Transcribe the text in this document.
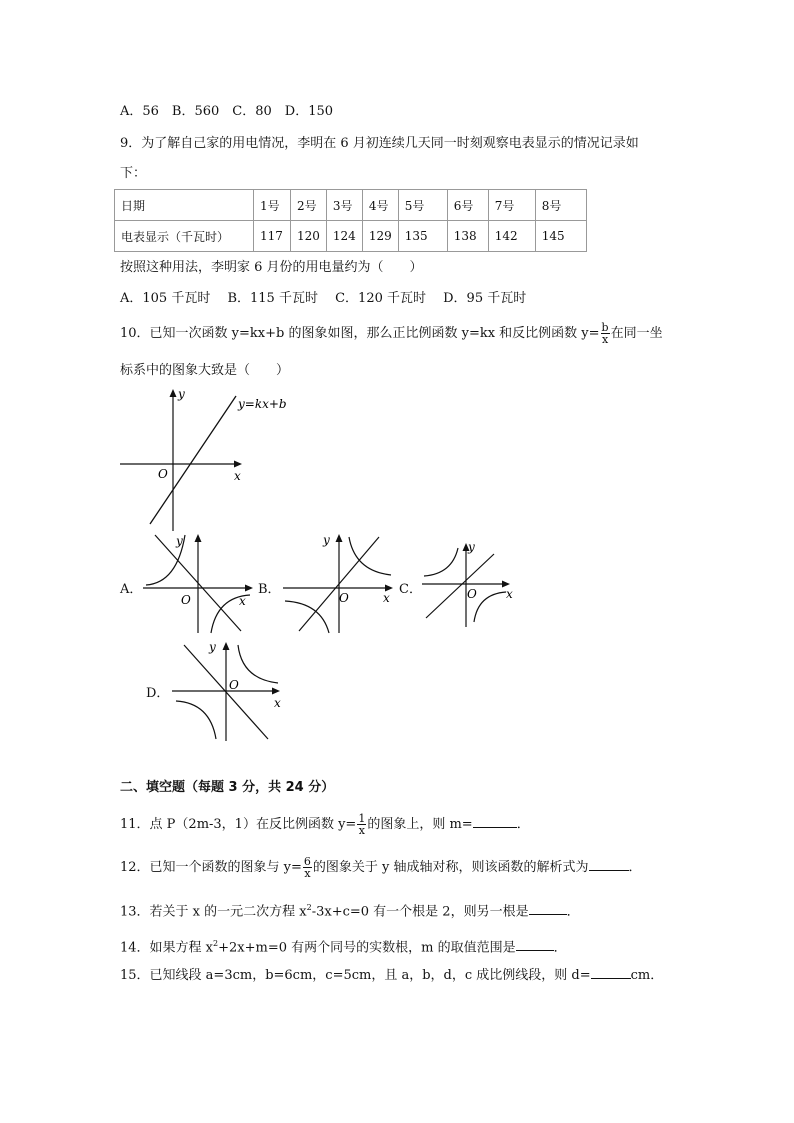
A．56　B．560　C．80　D．150
9．为了解自己家的用电情况，李明在 6 月初连续几天同一时刻观察电表显示的情况记录如
下：
日期	1号	2号	3号	4号	5号	6号	7号	8号
电表显示（千瓦时）	117	120	124	129	135	138	142	145
按照这种用法，李明家 6 月份的用电量约为（　　）
A．105 千瓦时　 B．115 千瓦时　 C．120 千瓦时　 D．95 千瓦时
10．已知一次函数 y=kx+b 的图象如图，那么正比例函数 y=kx 和反比例函数 $y= \frac{b}{x}$ 在同一坐
标系中的图象大致是（　　）
y=kx+b
x
y
O
A．
x
y
O
B．
x
y
O
C．	x
y
O
D．
x
y
O
二、填空题（每题 3 分，共 24 分）
11．点 P（2m-3，1）在反比例函数 $y= \frac{1}{x}$ 的图象上，则 m=	．
12．已知一个函数的图象与 $y= \frac{6}{x}$ 的图象关于 y 轴成轴对称，则该函数的解析式为	．
13．若关于 x 的一元二次方程 $x^2-3x+c=0$ 有一个根是 2，则另一根是	．
14．如果方程 $x^2+2x+m=0$ 有两个同号的实数根，m 的取值范围是	．
15．已知线段 a=3cm，b=6cm，c=5cm，且 a，b，d，c 成比例线段，则 d=	cm．
